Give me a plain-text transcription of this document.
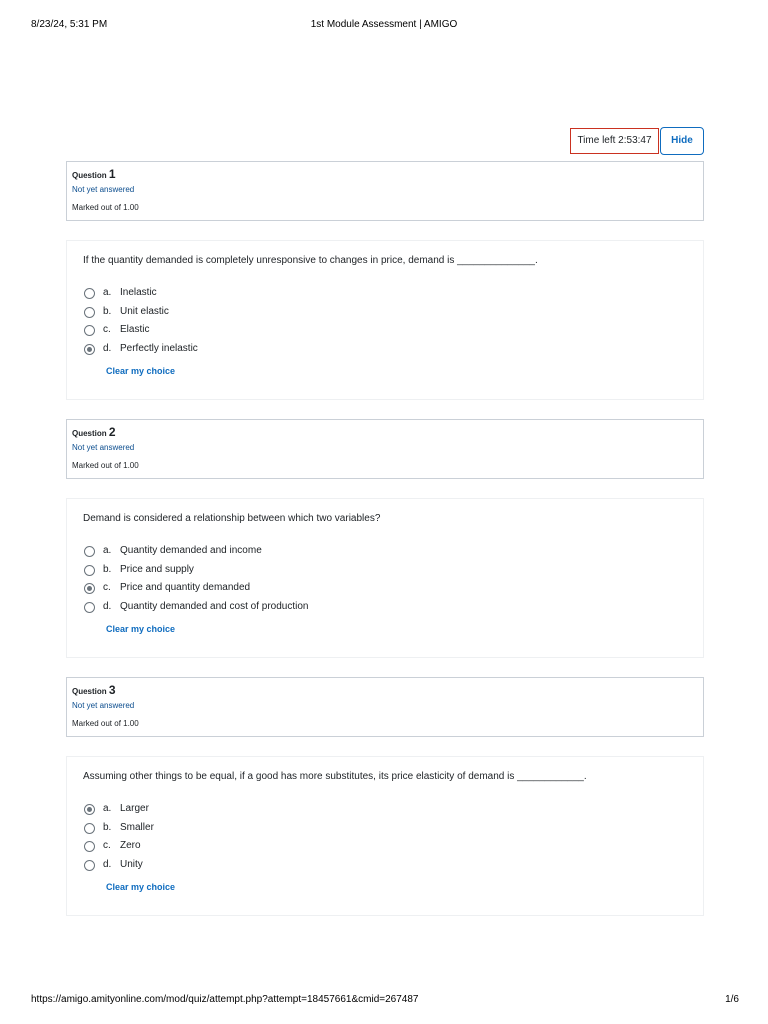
8/23/24, 5:31 PM	1st Module Assessment | AMIGO
Time left 2:53:47	Hide
Question 1
Not yet answered
Marked out of 1.00
If the quantity demanded is completely unresponsive to changes in price, demand is ______________.
a. Inelastic
b. Unit elastic
c. Elastic
d. Perfectly inelastic
Clear my choice
Question 2
Not yet answered
Marked out of 1.00
Demand is considered a relationship between which two variables?
a. Quantity demanded and income
b. Price and supply
c. Price and quantity demanded
d. Quantity demanded and cost of production
Clear my choice
Question 3
Not yet answered
Marked out of 1.00
Assuming other things to be equal, if a good has more substitutes, its price elasticity of demand is ____________.
a. Larger
b. Smaller
c. Zero
d. Unity
Clear my choice
https://amigo.amityonline.com/mod/quiz/attempt.php?attempt=18457661&cmid=267487	1/6
